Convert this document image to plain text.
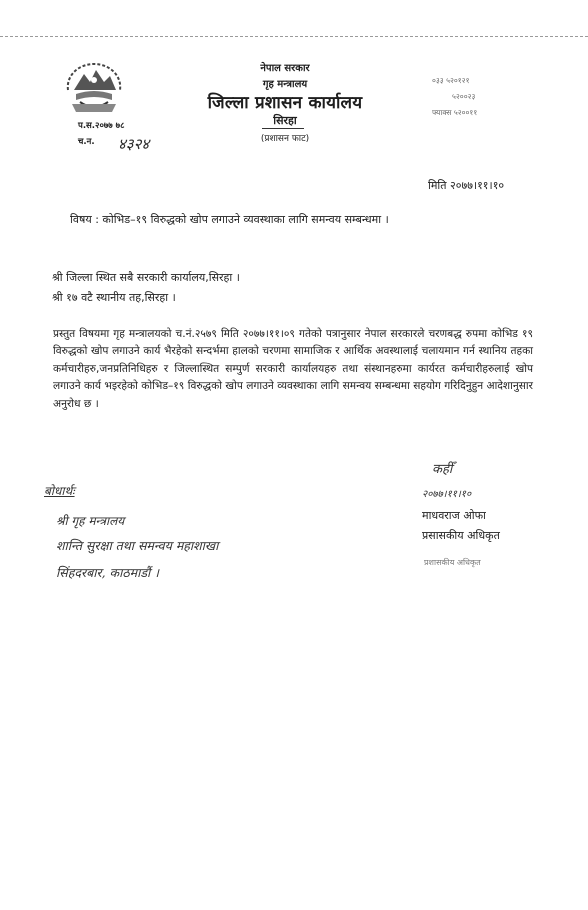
नेपाल सरकार
गृह मन्त्रालय
जिल्ला प्रशासन कार्यालय
सिरहा
(प्रशासन फाट)
०३३ ५२०१२१
५२००२३
फ्याक्स ५२००११
प.स.२०७७ ७८
च.न. ४३२४
मिति २०७७।११।१०
विषय : कोभिड–१९ विरुद्धको खोप लगाउने व्यवस्थाका लागि समन्वय सम्बन्धमा ।
श्री जिल्ला स्थित सबै सरकारी कार्यालय,सिरहा ।
श्री १७ वटै स्थानीय तह,सिरहा ।
प्रस्तुत विषयमा गृह मन्त्रालयको च.नं.२५७९ मिति २०७७।११।०९ गतेको पत्रानुसार नेपाल सरकारले चरणबद्ध रुपमा कोभिड १९ विरुद्धको खोप लगाउने कार्य भैरहेको सन्दर्भमा हालको चरणमा सामाजिक र आर्थिक अवस्थालाई चलायमान गर्न स्थानिय तहका कर्मचारीहरु,जनप्रतिनिधिहरु र जिल्लास्थित सम्पुर्ण सरकारी कार्यालयहरु तथा संस्थानहरुमा कार्यरत कर्मचारीहरुलाई खोप लगाउने कार्य भइरहेको कोभिड–१९ विरुद्धको खोप लगाउने व्यवस्थाका लागि समन्वय सम्बन्धमा सहयोग गरिदिनुहुन आदेशानुसार अनुरोध छ ।
कहीँ
२०७७।११।१०
माधवराज ओफा
प्रसासकीय अधिकृत
प्रशासकीय अधिकृत
बोधार्थः
श्री गृह मन्त्रालय
शान्ति सुरक्षा तथा समन्वय महाशाखा
सिंहदरबार, काठमाडौं ।
